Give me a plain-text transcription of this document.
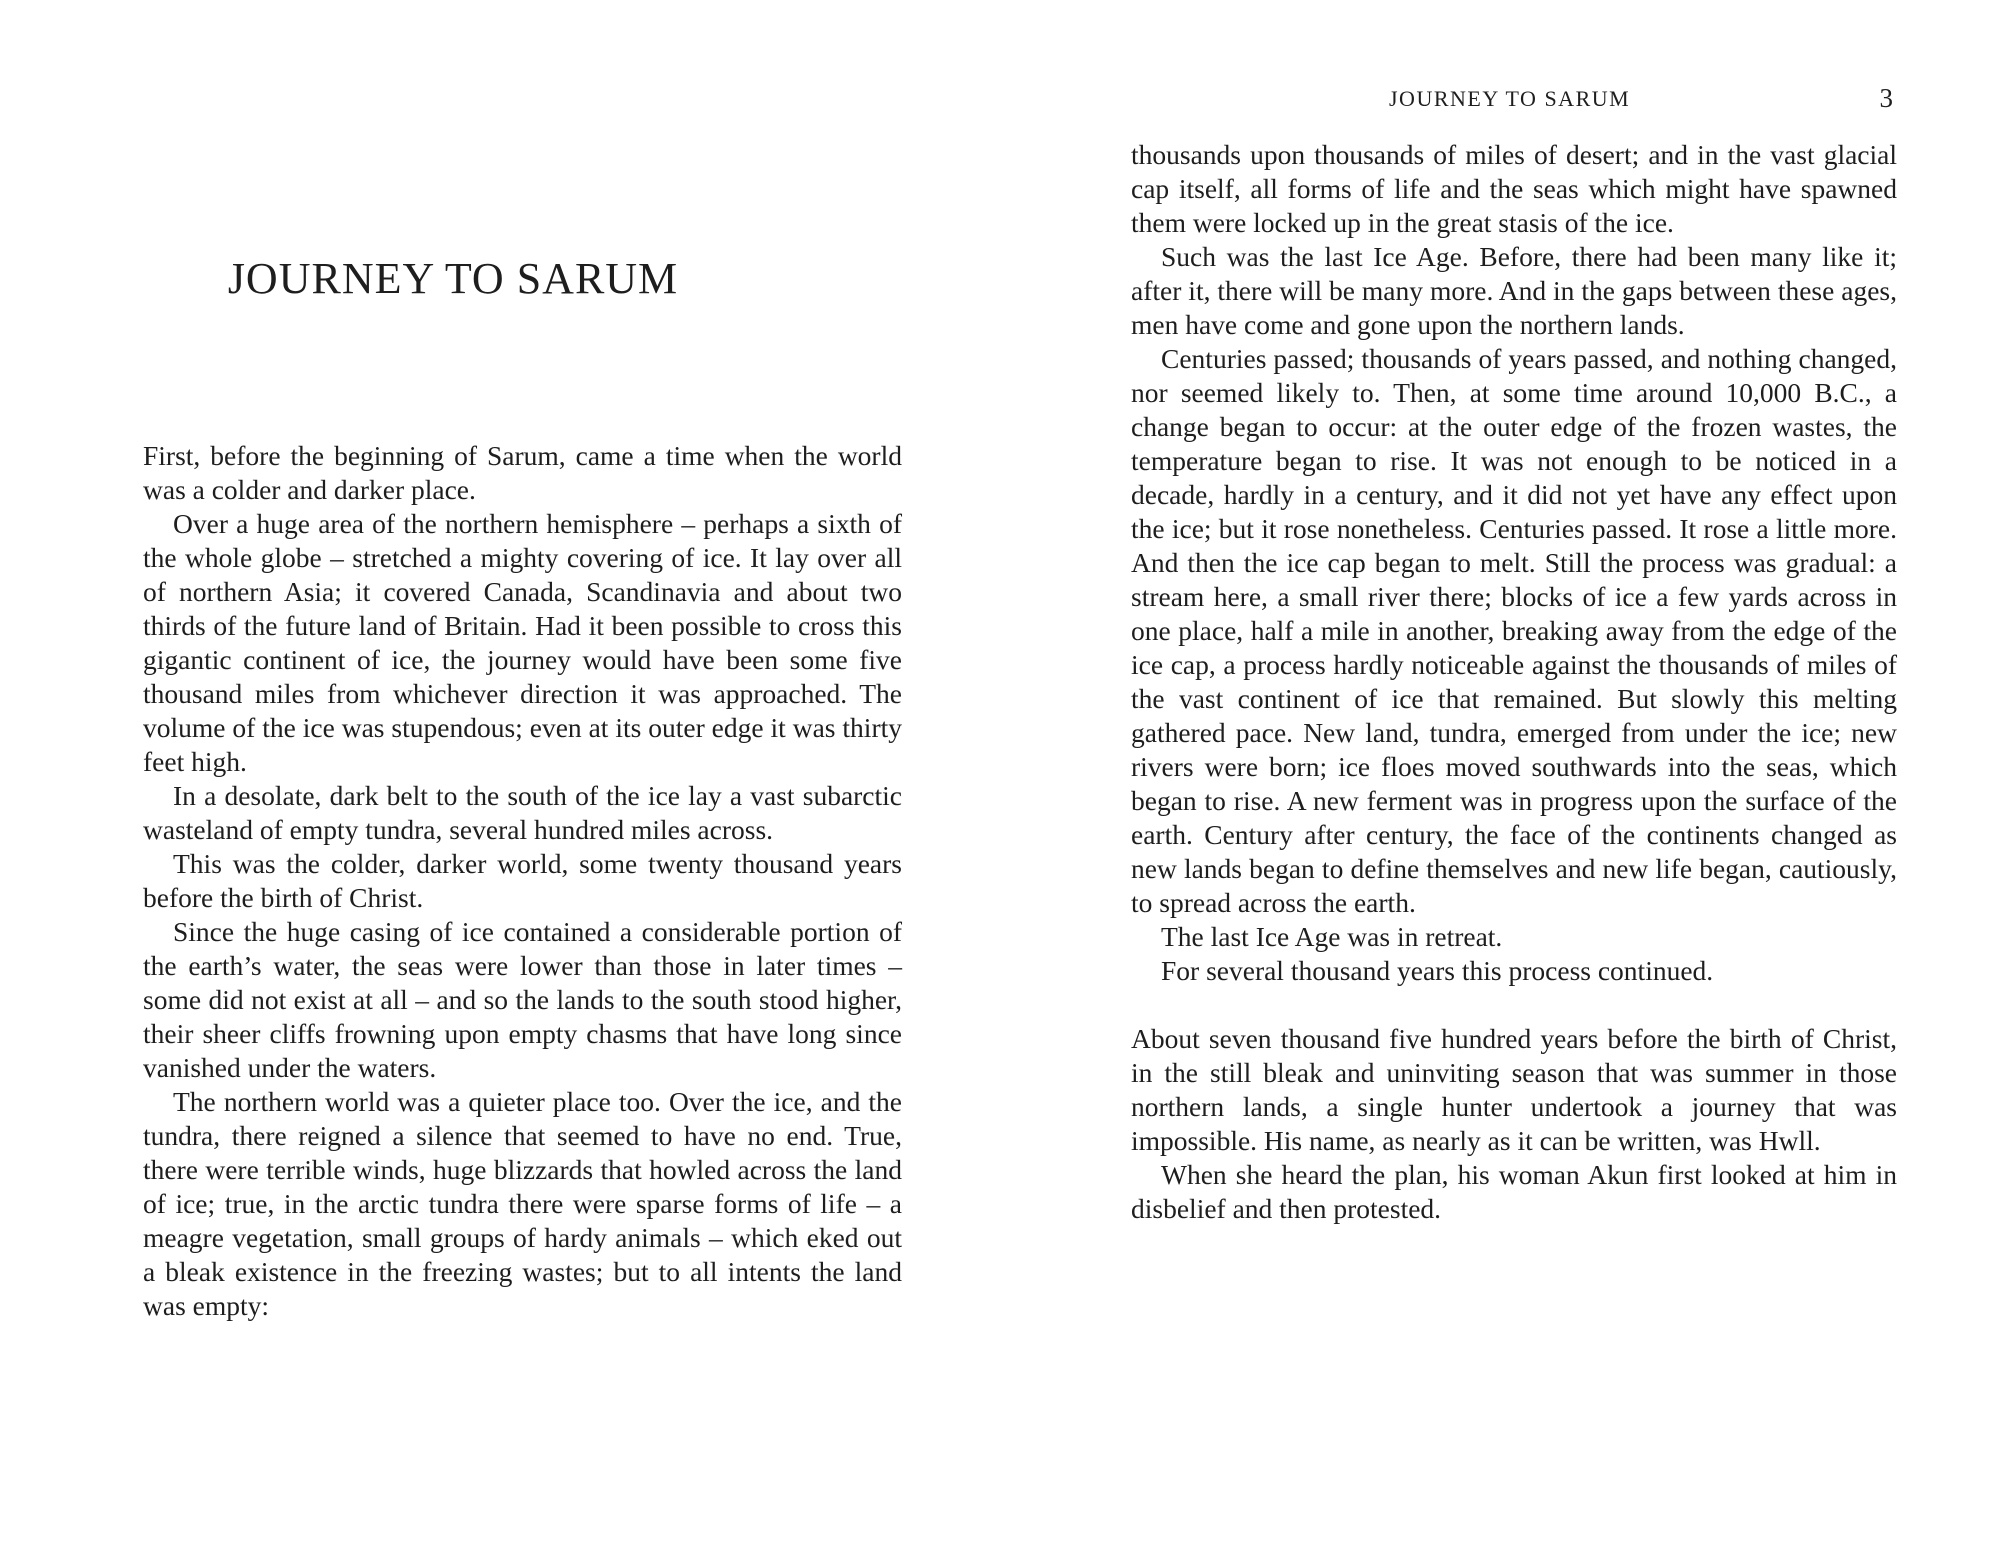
JOURNEY TO SARUM

First, before the beginning of Sarum, came a time when the world was a colder and darker place.

Over a huge area of the northern hemisphere – perhaps a sixth of the whole globe – stretched a mighty covering of ice. It lay over all of northern Asia; it covered Canada, Scandinavia and about two thirds of the future land of Britain. Had it been possible to cross this gigantic continent of ice, the journey would have been some five thousand miles from whichever direction it was approached. The volume of the ice was stupendous; even at its outer edge it was thirty feet high.

In a desolate, dark belt to the south of the ice lay a vast subarctic wasteland of empty tundra, several hundred miles across.

This was the colder, darker world, some twenty thousand years before the birth of Christ.

Since the huge casing of ice contained a considerable portion of the earth’s water, the seas were lower than those in later times – some did not exist at all – and so the lands to the south stood higher, their sheer cliffs frowning upon empty chasms that have long since vanished under the waters.

The northern world was a quieter place too. Over the ice, and the tundra, there reigned a silence that seemed to have no end. True, there were terrible winds, huge blizzards that howled across the land of ice; true, in the arctic tundra there were sparse forms of life – a meagre vegetation, small groups of hardy animals – which eked out a bleak existence in the freezing wastes; but to all intents the land was empty:

JOURNEY TO SARUM	3

thousands upon thousands of miles of desert; and in the vast glacial cap itself, all forms of life and the seas which might have spawned them were locked up in the great stasis of the ice.

Such was the last Ice Age. Before, there had been many like it; after it, there will be many more. And in the gaps between these ages, men have come and gone upon the northern lands.

Centuries passed; thousands of years passed, and nothing changed, nor seemed likely to. Then, at some time around 10,000 B.C., a change began to occur: at the outer edge of the frozen wastes, the temperature began to rise. It was not enough to be noticed in a decade, hardly in a century, and it did not yet have any effect upon the ice; but it rose nonetheless. Centuries passed. It rose a little more. And then the ice cap began to melt. Still the process was gradual: a stream here, a small river there; blocks of ice a few yards across in one place, half a mile in another, breaking away from the edge of the ice cap, a process hardly noticeable against the thousands of miles of the vast continent of ice that remained. But slowly this melting gathered pace. New land, tundra, emerged from under the ice; new rivers were born; ice floes moved southwards into the seas, which began to rise. A new ferment was in progress upon the surface of the earth. Century after century, the face of the continents changed as new lands began to define themselves and new life began, cautiously, to spread across the earth.

The last Ice Age was in retreat.

For several thousand years this process continued.

About seven thousand five hundred years before the birth of Christ, in the still bleak and uninviting season that was summer in those northern lands, a single hunter undertook a journey that was impossible. His name, as nearly as it can be written, was Hwll.

When she heard the plan, his woman Akun first looked at him in disbelief and then protested.
